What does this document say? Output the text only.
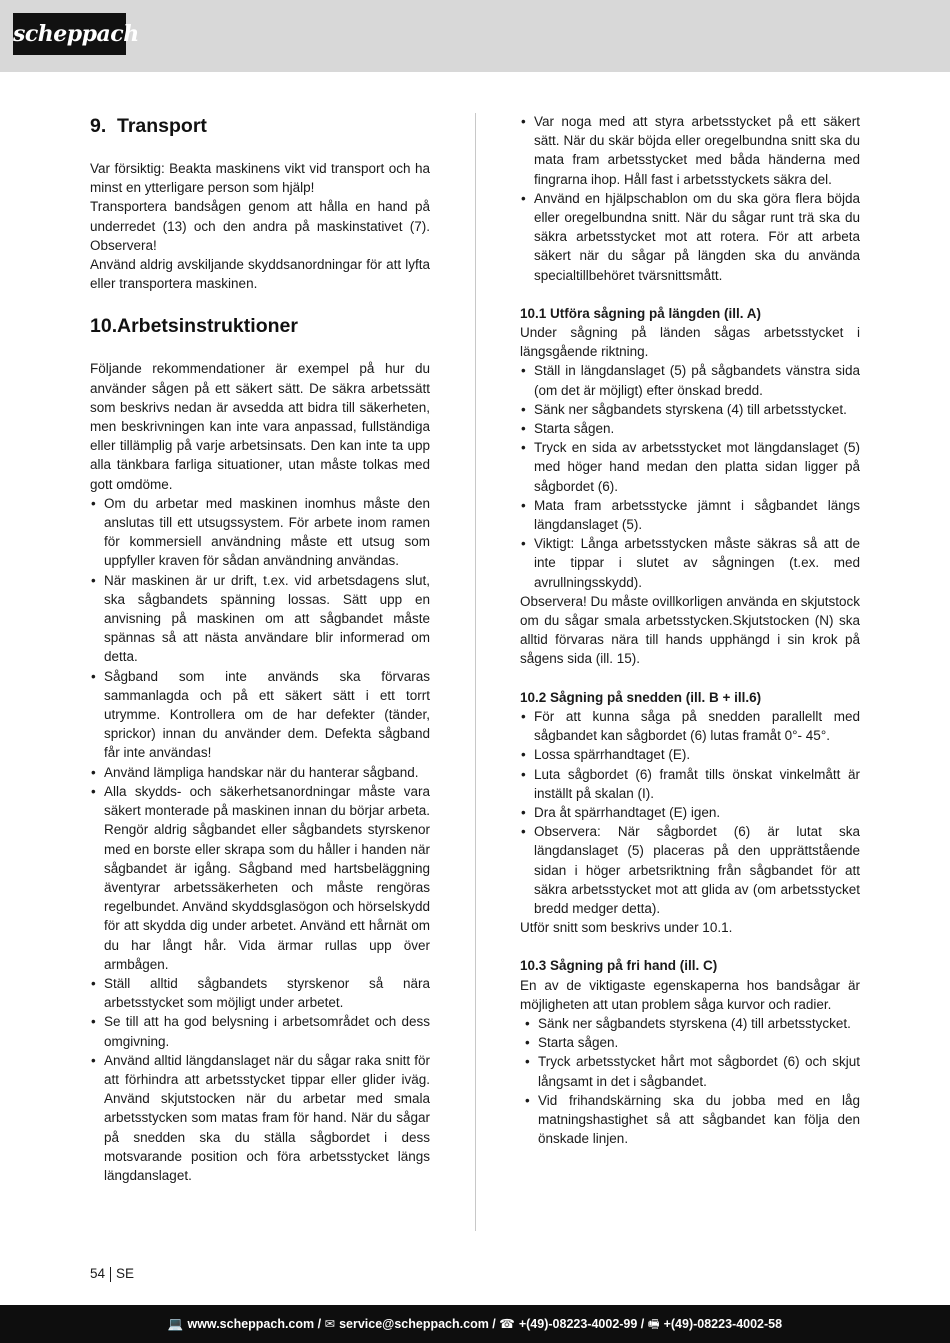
scheppach
9. Transport

Var försiktig: Beakta maskinens vikt vid transport och ha minst en ytterligare person som hjälp!

Transportera bandsågen genom att hålla en hand på underredet (13) och den andra på maskinstativet (7). Observera!

Använd aldrig avskiljande skyddsanordningar för att lyfta eller transportera maskinen.

10. Arbetsinstruktioner

Följande rekommendationer är exempel på hur du använder sågen på ett säkert sätt. De säkra arbetssätt som beskrivs nedan är avsedda att bidra till säkerheten, men beskrivningen kan inte vara anpassad, fullständiga eller tillämplig på varje arbetsinsats. Den kan inte ta upp alla tänkbara farliga situationer, utan måste tolkas med gott omdöme.

• Om du arbetar med maskinen inomhus måste den anslutas till ett utsugssystem. För arbete inom ramen för kommersiell användning måste ett utsug som uppfyller kraven för sådan användning användas.
• När maskinen är ur drift, t.ex. vid arbetsdagens slut, ska sågbandets spänning lossas. Sätt upp en anvisning på maskinen om att sågbandet måste spännas så att nästa användare blir informerad om detta.
• Sågband som inte används ska förvaras sammanlagda och på ett säkert sätt i ett torrt utrymme. Kontrollera om de har defekter (tänder, sprickor) innan du använder dem. Defekta sågband får inte användas!
• Använd lämpliga handskar när du hanterar sågband.
• Alla skydds- och säkerhetsanordningar måste vara säkert monterade på maskinen innan du börjar arbeta. Rengör aldrig sågbandet eller sågbandets styrskenor med en borste eller skrapa som du håller i handen när sågbandet är igång. Sågband med hartsbeläggning äventyrar arbetssäkerheten och måste rengöras regelbundet. Använd skyddsglasögon och hörselskydd för att skydda dig under arbetet. Använd ett hårnät om du har långt hår. Vida ärmar rullas upp över armbågen.
• Ställ alltid sågbandets styrskenor så nära arbetsstycket som möjligt under arbetet.
• Se till att ha god belysning i arbetsområdet och dess omgivning.
• Använd alltid längdanslaget när du sågar raka snitt för att förhindra att arbetsstycket tippar eller glider iväg. Använd skjutstocken när du arbetar med smala arbetsstycken som matas fram för hand. När du sågar på snedden ska du ställa sågbordet i dess motsvarande position och föra arbetsstycket längs längdanslaget.
• Var noga med att styra arbetsstycket på ett säkert sätt. När du skär böjda eller oregelbundna snitt ska du mata fram arbetsstycket med båda händerna med fingrarna ihop. Håll fast i arbetsstyckets säkra del.
• Använd en hjälpschablon om du ska göra flera böjda eller oregelbundna snitt. När du sågar runt trä ska du säkra arbetsstycket mot att rotera. För att arbeta säkert när du sågar på längden ska du använda specialtillbehöret tvärsnittsmått.
10.1 Utföra sågning på längden (ill. A)

Under sågning på länden sågas arbetsstycket i längsgående riktning.

• Ställ in längdanslaget (5) på sågbandets vänstra sida (om det är möjligt) efter önskad bredd.
• Sänk ner sågbandets styrskena (4) till arbetsstycket.
• Starta sågen.
• Tryck en sida av arbetsstycket mot längdanslaget (5) med höger hand medan den platta sidan ligger på sågbordet (6).
• Mata fram arbetsstycke jämnt i sågbandet längs längdanslaget (5).
• Viktigt: Långa arbetsstycken måste säkras så att de inte tippar i slutet av sågningen (t.ex. med avrullningsskydd).

Observera! Du måste ovillkorligen använda en skjutstock om du sågar smala arbetsstycken.Skjutstocken (N) ska alltid förvaras nära till hands upphängd i sin krok på sågens sida (ill. 15).

10.2 Sågning på snedden (ill. B + ill.6)
• För att kunna såga på snedden parallellt med sågbandet kan sågbordet (6) lutas framåt 0°- 45°.
• Lossa spärrhandtaget (E).
• Luta sågbordet (6) framåt tills önskat vinkelmått är inställt på skalan (I).
• Dra åt spärrhandtaget (E) igen.
• Observera: När sågbordet (6) är lutat ska längdanslaget (5) placeras på den upprättstående sidan i höger arbetsriktning från sågbandet för att säkra arbetsstycket mot att glida av (om arbetsstycket bredd medger detta).

Utför snitt som beskrivs under 10.1.

10.3 Sågning på fri hand (ill. C)

En av de viktigaste egenskaperna hos bandsågar är möjligheten att utan problem såga kurvor och radier.

• Sänk ner sågbandets styrskena (4) till arbetsstycket.
• Starta sågen.
• Tryck arbetsstycket hårt mot sågbordet (6) och skjut långsamt in det i sågbandet.
• Vid frihandskärning ska du jobba med en låg matningshastighet så att sågbandet kan följa den önskade linjen.
54 SE
💻 www.scheppach.com / ✉ service@scheppach.com / ☎ +(49)-08223-4002-99 / 🖷 +(49)-08223-4002-58
